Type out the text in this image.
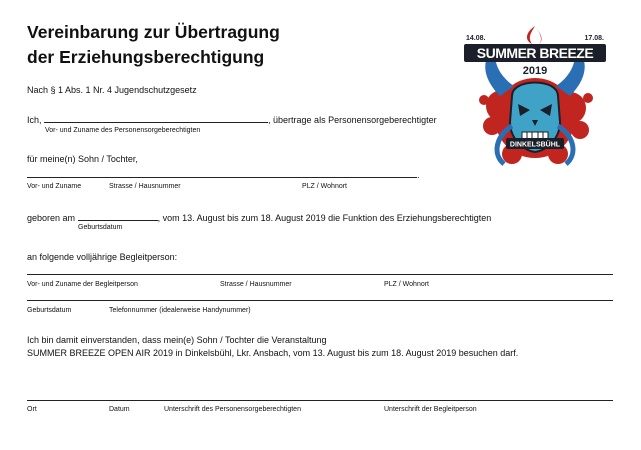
Vereinbarung zur Übertragung
der Erziehungsberechtigung
Nach § 1 Abs. 1 Nr. 4 Jugendschutzgesetz
Ich,	, übertrage als Personensorgeberechtigter
Vor- und Zuname des Personensorgeberechtigten
für meine(n) Sohn / Tochter,
.
Vor- und Zuname	Strasse / Hausnummer	PLZ / Wohnort
geboren am	, vom 13. August bis zum 18. August 2019 die Funktion des Erziehungsberechtigten
Geburtsdatum
an folgende volljährige Begleitperson:
Vor- und Zuname der Begleitperson	Strasse / Hausnummer	PLZ / Wohnort
Geburtsdatum	Telefonnummer (idealerweise Handynummer)
Ich bin damit einverstanden, dass mein(e) Sohn / Tochter die Veranstaltung
SUMMER BREEZE OPEN AIR 2019 in Dinkelsbühl, Lkr. Ansbach, vom 13. August bis zum 18. August 2019 besuchen darf.
Ort	Datum	Unterschrift des Personensorgeberechtigten	Unterschrift der Begleitperson
14.08.	17.08.
SUMMER BREEZE
2019
DINKELSBÜHL
